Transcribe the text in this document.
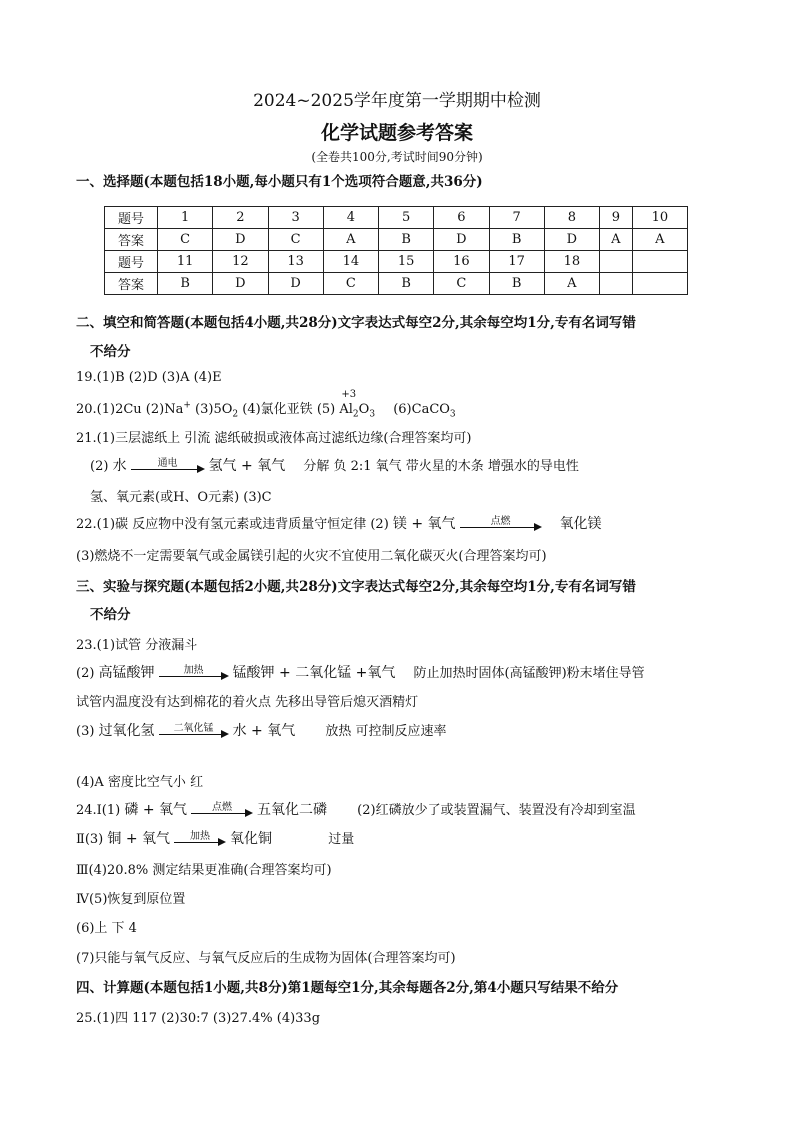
2024~2025学年度第一学期期中检测
化学试题参考答案
(全卷共100分,考试时间90分钟)
一、选择题(本题包括18小题,每小题只有1个选项符合题意,共36分)
题号	1	2	3	4	5	6	7	8	9	10
答案	C	D	C	A	B	D	B	D	A	A
题号	11	12	13	14	15	16	17	18		
答案	B	D	D	C	B	C	B	A		
二、填空和简答题(本题包括4小题,共28分)文字表达式每空2分,其余每空均1分,专有名词写错
不给分
19.(1)B (2)D (3)A (4)E
20.(1)2Cu (2)Na+ $(3)5O_2$ (4)氯化亚铁 (5)
+3
$Al_2O_3$ (6)CaCO$_3$
21.(1)三层滤纸上 引流 滤纸破损或液体高过滤纸边缘(合理答案均可)
(2) 水	通电	氢气 + 氧气 分解 负 2:1 氧气 带火星的木条 增强水的导电性
氢、氧元素(或H、O元素) (3)C
22.(1)碳 反应物中没有氢元素或违背质量守恒定律 (2) 镁 + 氧气	点燃	氧化镁
(3)燃烧不一定需要氧气或金属镁引起的火灾不宜使用二氧化碳灭火(合理答案均可)
三、实验与探究题(本题包括2小题,共28分)文字表达式每空2分,其余每空均1分,专有名词写错
不给分
23.(1)试管 分液漏斗
(2) 高锰酸钾	加热	锰酸钾 + 二氧化锰 +氧气 防止加热时固体(高锰酸钾)粉末堵住导管
试管内温度没有达到棉花的着火点 先移出导管后熄灭酒精灯
(3) 过氧化氢	二氧化锰	水 + 氧气 放热 可控制反应速率
(4)A 密度比空气小 红
24.Ⅰ(1) 磷 + 氧气	点燃	五氧化二磷 (2)红磷放少了或装置漏气、装置没有冷却到室温
Ⅱ(3) 铜 + 氧气	加热	氧化铜	过量
Ⅲ(4)20.8% 测定结果更准确(合理答案均可)
Ⅳ(5)恢复到原位置
(6)上 下 4
(7)只能与氧气反应、与氧气反应后的生成物为固体(合理答案均可)
四、计算题(本题包括1小题,共8分)第1题每空1分,其余每题各2分,第4小题只写结果不给分
25.(1)四 117 (2)30:7 (3)27.4% (4)33g
